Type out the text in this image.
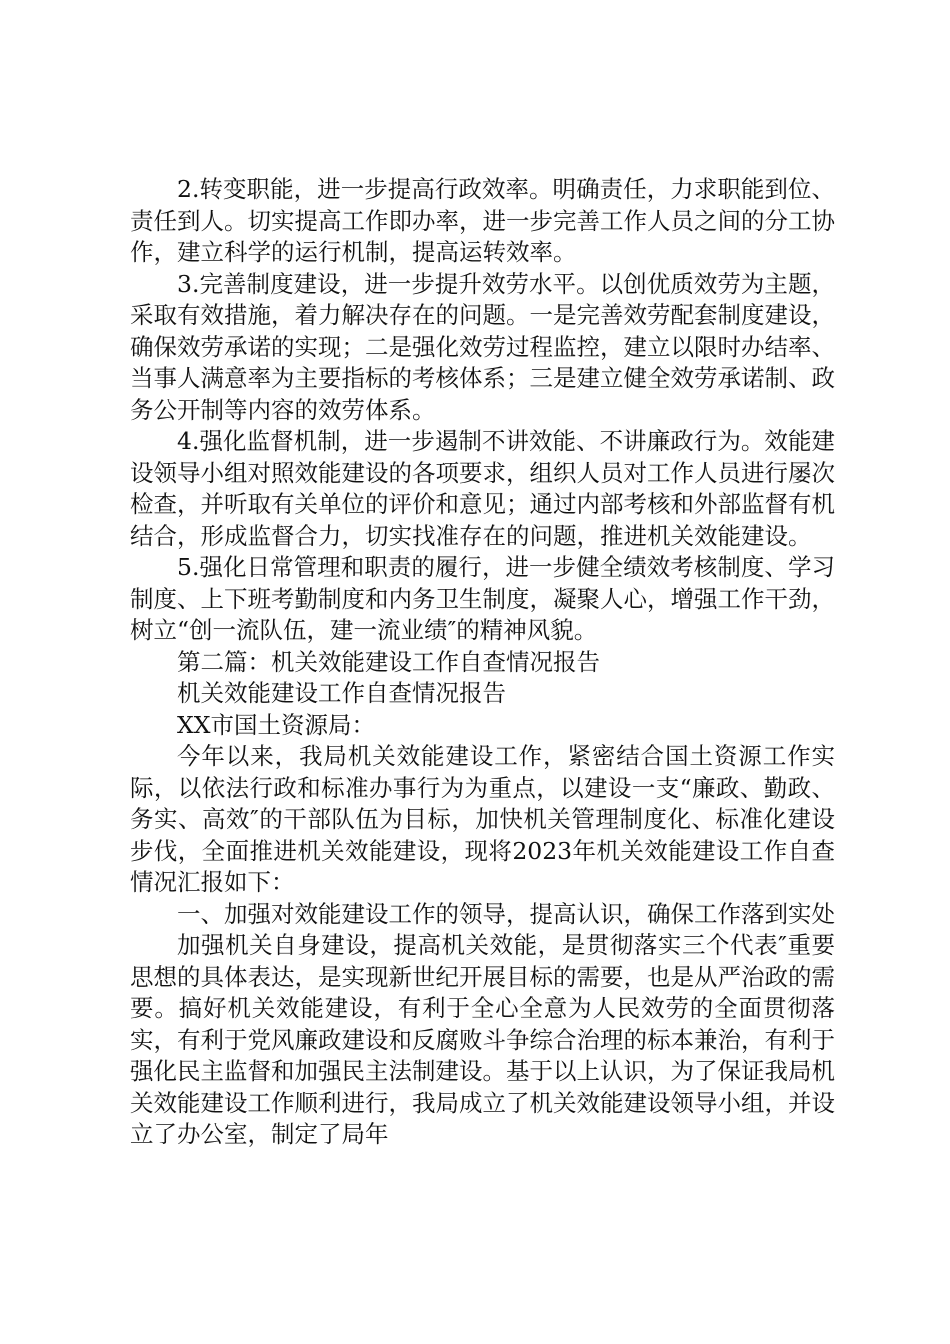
2.转变职能，进一步提高行政效率。明确责任，力求职能到位、责任到人。切实提高工作即办率，进一步完善工作人员之间的分工协作，建立科学的运行机制，提高运转效率。

3.完善制度建设，进一步提升效劳水平。以创优质效劳为主题，采取有效措施，着力解决存在的问题。一是完善效劳配套制度建设，确保效劳承诺的实现；二是强化效劳过程监控，建立以限时办结率、当事人满意率为主要指标的考核体系；三是建立健全效劳承诺制、政务公开制等内容的效劳体系。

4.强化监督机制，进一步遏制不讲效能、不讲廉政行为。效能建设领导小组对照效能建设的各项要求，组织人员对工作人员进行屡次检查，并听取有关单位的评价和意见；通过内部考核和外部监督有机结合，形成监督合力，切实找准存在的问题，推进机关效能建设。

5.强化日常管理和职责的履行，进一步健全绩效考核制度、学习制度、上下班考勤制度和内务卫生制度，凝聚人心，增强工作干劲，树立“创一流队伍，建一流业绩″的精神风貌。

第二篇：机关效能建设工作自查情况报告

机关效能建设工作自查情况报告

XX市国土资源局：

今年以来，我局机关效能建设工作，紧密结合国土资源工作实际，以依法行政和标准办事行为为重点，以建设一支“廉政、勤政、务实、高效″的干部队伍为目标，加快机关管理制度化、标准化建设步伐，全面推进机关效能建设，现将2023年机关效能建设工作自查情况汇报如下：

一、加强对效能建设工作的领导，提高认识，确保工作落到实处

加强机关自身建设，提高机关效能，是贯彻落实三个代表″重要思想的具体表达，是实现新世纪开展目标的需要，也是从严治政的需要。搞好机关效能建设，有利于全心全意为人民效劳的全面贯彻落实，有利于党风廉政建设和反腐败斗争综合治理的标本兼治，有利于强化民主监督和加强民主法制建设。基于以上认识，为了保证我局机关效能建设工作顺利进行，我局成立了机关效能建设领导小组，并设立了办公室，制定了局年
